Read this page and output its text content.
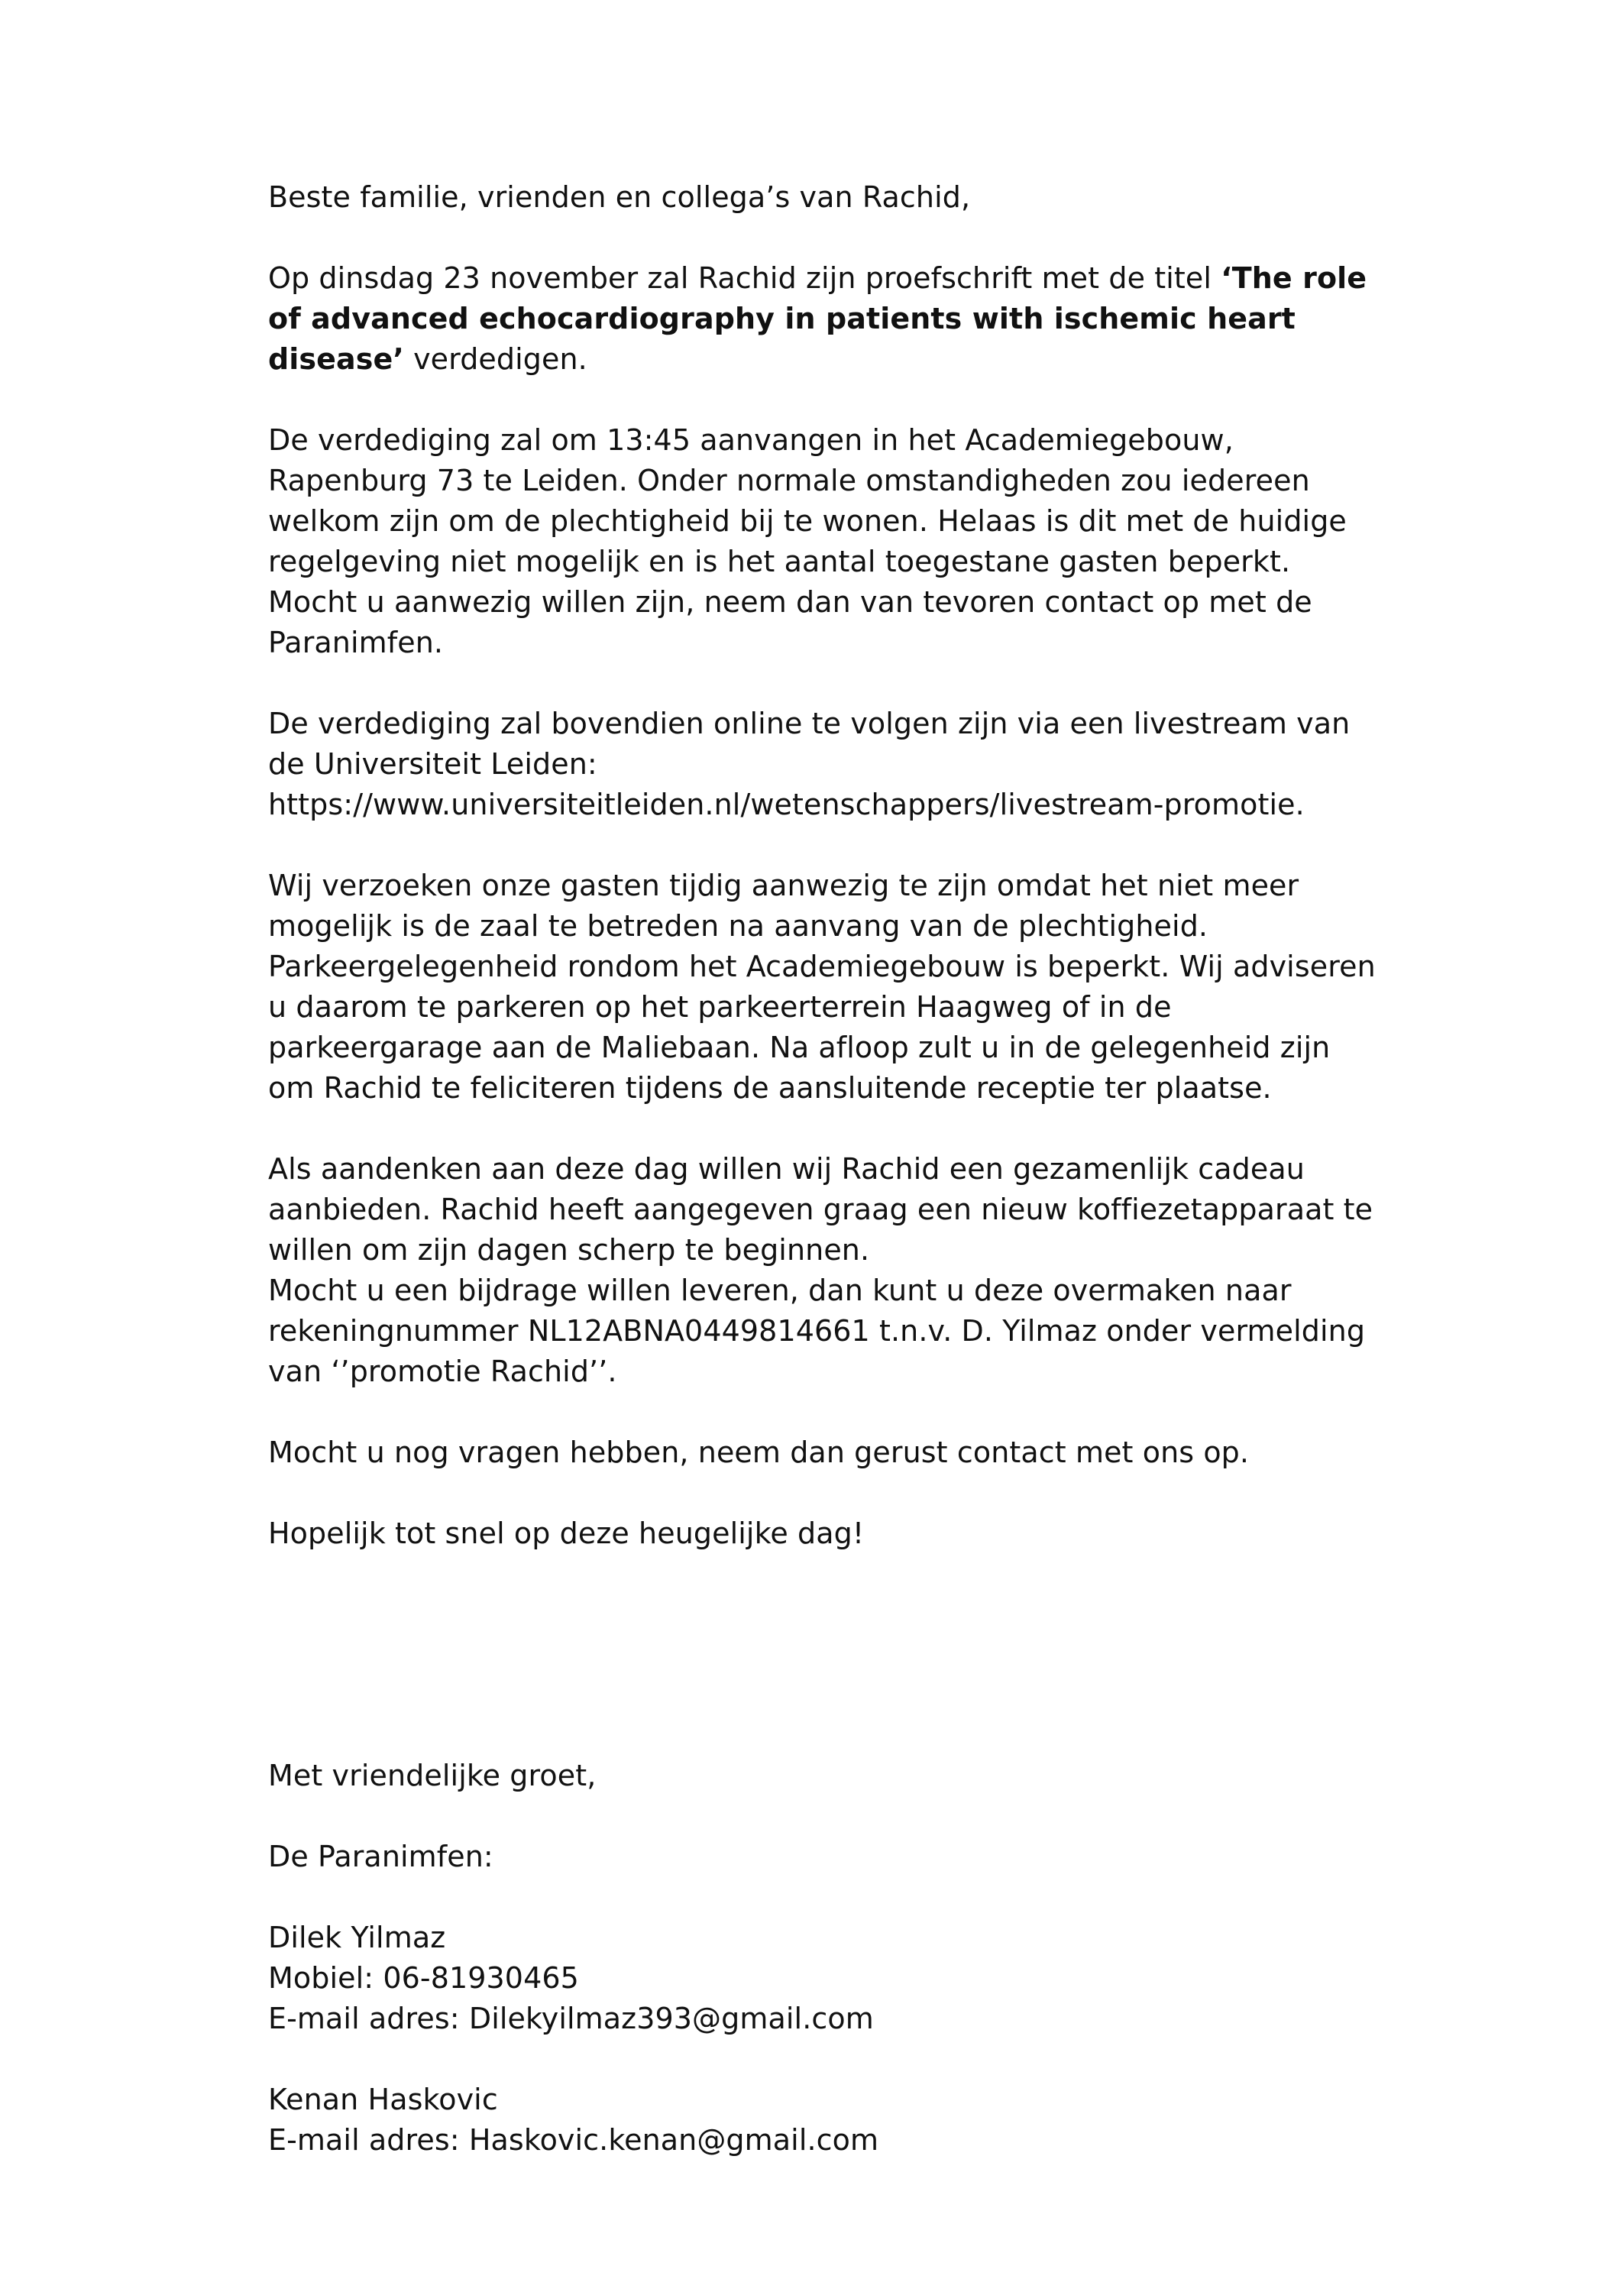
Beste familie, vrienden en collega’s van Rachid,

Op dinsdag 23 november zal Rachid zijn proefschrift met de titel ‘The role of advanced echocardiography in patients with ischemic heart disease’ verdedigen.

De verdediging zal om 13:45 aanvangen in het Academiegebouw, Rapenburg 73 te Leiden. Onder normale omstandigheden zou iedereen welkom zijn om de plechtigheid bij te wonen. Helaas is dit met de huidige regelgeving niet mogelijk en is het aantal toegestane gasten beperkt. Mocht u aanwezig willen zijn, neem dan van tevoren contact op met de Paranimfen.

De verdediging zal bovendien online te volgen zijn via een livestream van de Universiteit Leiden:
https://www.universiteitleiden.nl/wetenschappers/livestream-promotie.

Wij verzoeken onze gasten tijdig aanwezig te zijn omdat het niet meer mogelijk is de zaal te betreden na aanvang van de plechtigheid. Parkeergelegenheid rondom het Academiegebouw is beperkt. Wij adviseren u daarom te parkeren op het parkeerterrein Haagweg of in de parkeergarage aan de Maliebaan. Na afloop zult u in de gelegenheid zijn om Rachid te feliciteren tijdens de aansluitende receptie ter plaatse.

Als aandenken aan deze dag willen wij Rachid een gezamenlijk cadeau aanbieden. Rachid heeft aangegeven graag een nieuw koffiezetapparaat te willen om zijn dagen scherp te beginnen.

Mocht u een bijdrage willen leveren, dan kunt u deze overmaken naar rekeningnummer NL12ABNA0449814661 t.n.v. D. Yilmaz onder vermelding van ‘’promotie Rachid’’.

Mocht u nog vragen hebben, neem dan gerust contact met ons op.

Hopelijk tot snel op deze heugelijke dag!

Met vriendelijke groet,

De Paranimfen:

Dilek Yilmaz

Mobiel: 06-81930465

E-mail adres: Dilekyilmaz393@gmail.com

Kenan Haskovic

E-mail adres: Haskovic.kenan@gmail.com
